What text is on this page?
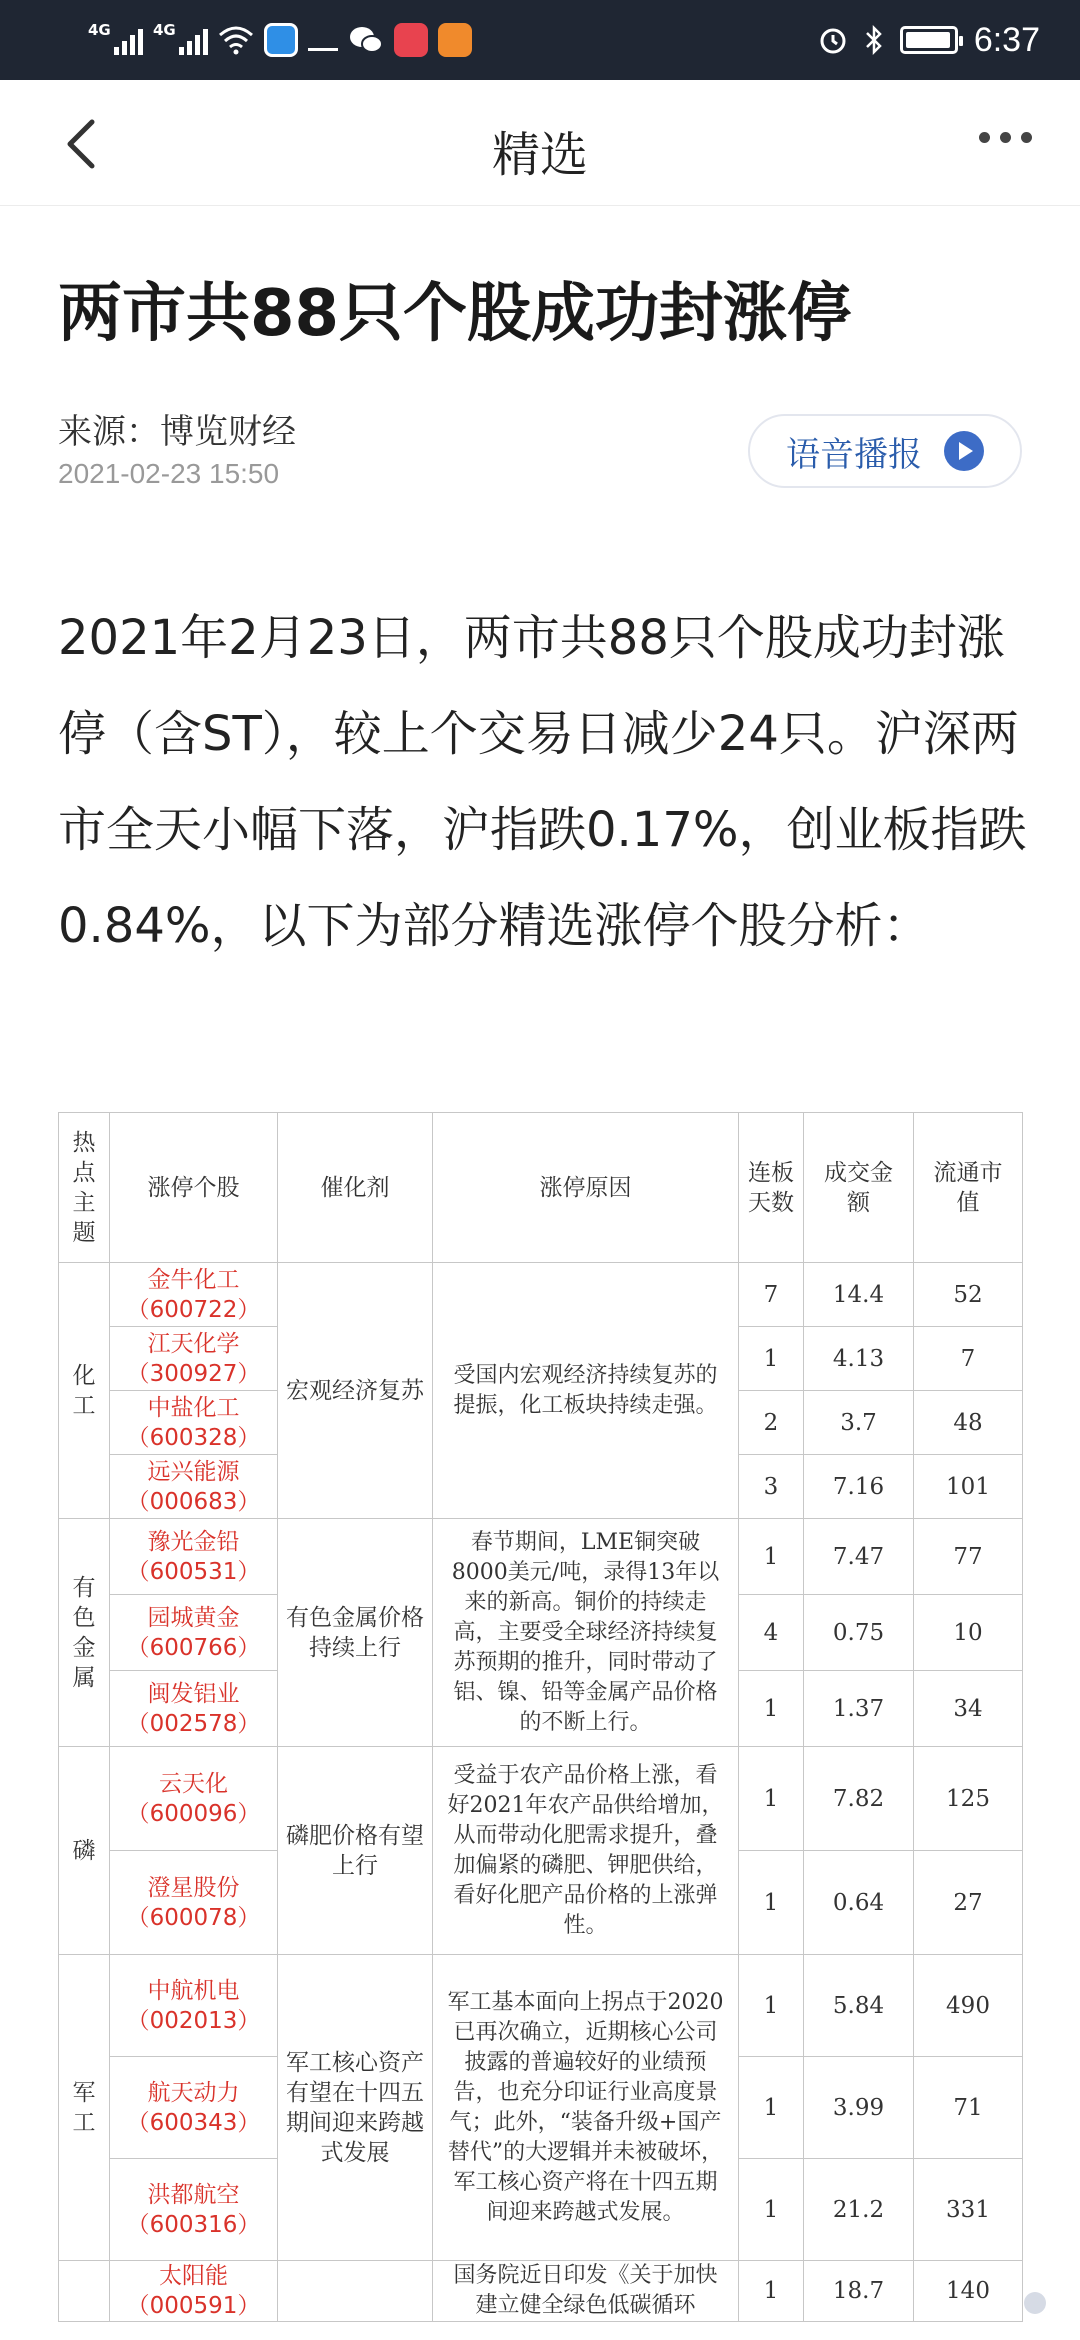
4G	4G	6:37
精选
两市共88只个股成功封涨停
来源：博览财经
2021-02-23 15:50	语音播报

2021年2月23日，两市共88只个股成功封涨停（含ST），较上个交易日减少24只。沪深两市全天小幅下落，沪指跌0.17%，创业板指跌0.84%，以下为部分精选涨停个股分析：

热点主题	涨停个股	催化剂	涨停原因	连板天数	成交金额	流通市值
化工	金牛化工
（600722）	宏观经济复苏	受国内宏观经济持续复苏的提振，化工板块持续走强。	7	14.4	52

	江天化学
（300927）			1	4.13	7

	中盐化工
（600328）			2	3.7	48

	远兴能源
（000683）			3	7.16	101
有色金属	豫光金铅
（600531）	有色金属价格持续上行	春节期间，LME铜突破8000美元/吨，录得13年以来的新高。铜价的持续走高，主要受全球经济持续复苏预期的推升，同时带动了铝、镍、铅等金属产品价格的不断上行。	1	7.47	77

	园城黄金
（600766）			4	0.75	10

	闽发铝业
（002578）			1	1.37	34
磷	云天化
（600096）	磷肥价格有望上行	受益于农产品价格上涨，看好2021年农产品供给增加，从而带动化肥需求提升，叠加偏紧的磷肥、钾肥供给，看好化肥产品价格的上涨弹性。	1	7.82	125

	澄星股份
（600078）			1	0.64	27
军工	中航机电
（002013）	军工核心资产有望在十四五期间迎来跨越式发展	军工基本面向上拐点于2020已再次确立，近期核心公司披露的普遍较好的业绩预告，也充分印证行业高度景气；此外，“装备升级+国产替代”的大逻辑并未被破坏，军工核心资产将在十四五期间迎来跨越式发展。	1	5.84	490

	航天动力
（600343）			1	3.99	71

	洪都航空
（600316）			1	21.2	331

	太阳能
（000591）		国务院近日印发《关于加快建立健全绿色低碳循环	1	18.7	140
